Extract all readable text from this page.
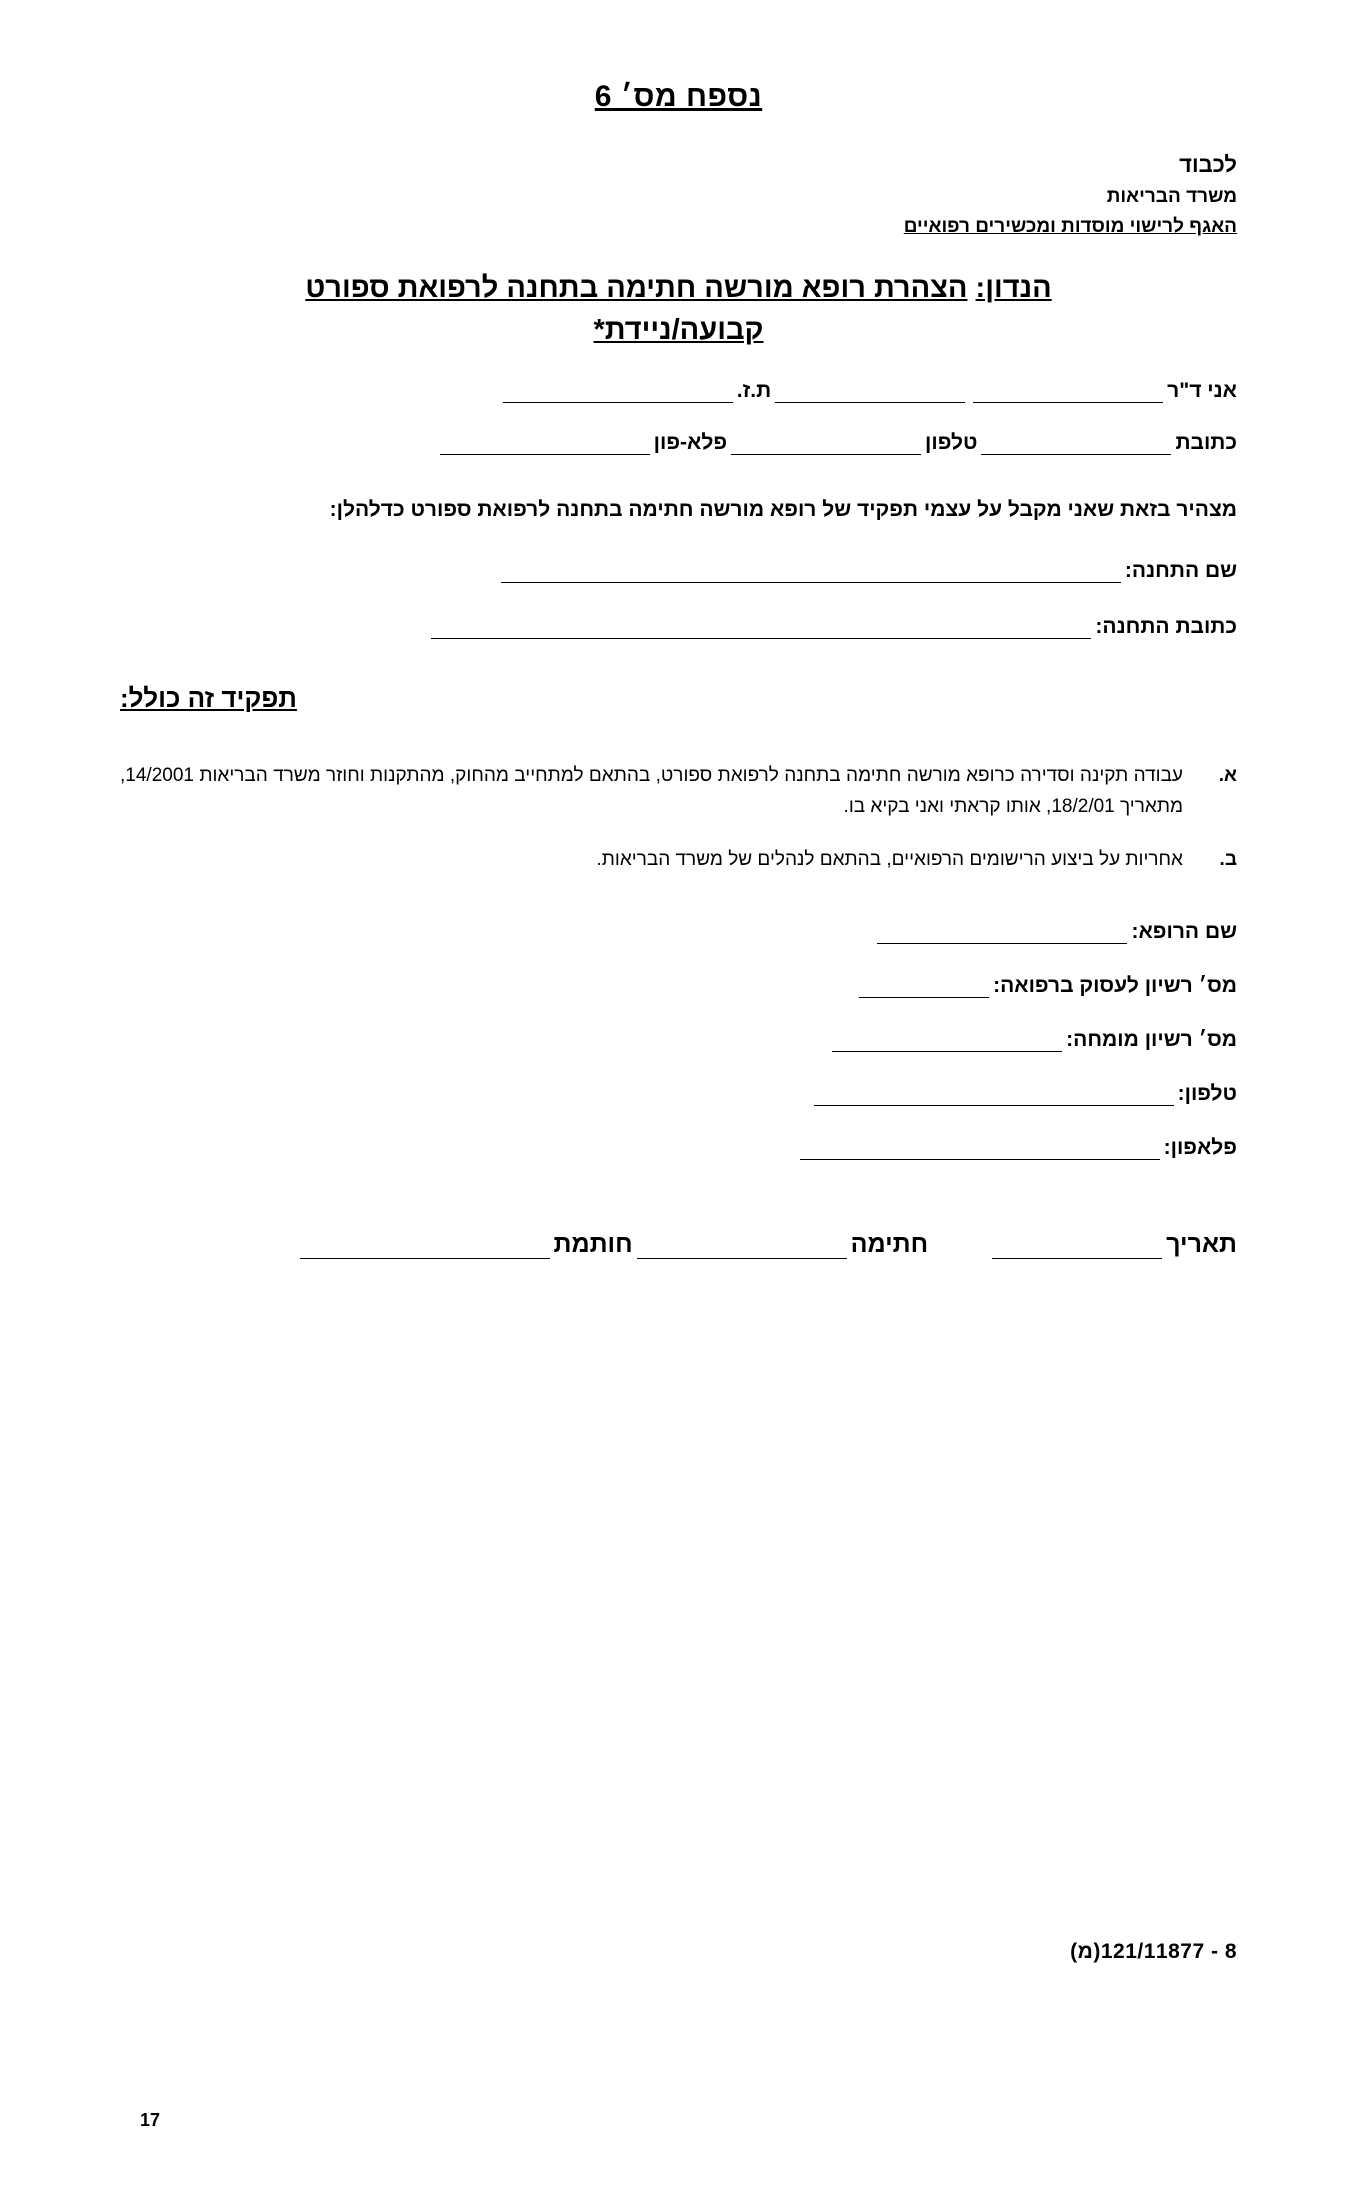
נספח מס׳ 6
לכבוד
משרד הבריאות
האגף לרישוי מוסדות ומכשירים רפואיים
הנדון: הצהרת רופא מורשה חתימה בתחנה לרפואת ספורט
קבועה/ניידת*
אני ד"ר
ת.ז.
כתובת
טלפון
פלא-פון
מצהיר בזאת שאני מקבל על עצמי תפקיד של רופא מורשה חתימה בתחנה לרפואת ספורט כדלהלן:
שם התחנה:
כתובת התחנה:
תפקיד זה כולל:
א.
עבודה תקינה וסדירה כרופא מורשה חתימה בתחנה לרפואת ספורט, בהתאם למתחייב מהחוק, מהתקנות וחוזר משרד הבריאות 14/2001, מתאריך 18/2/01, אותו קראתי ואני בקיא בו.
ב.
אחריות על ביצוע הרישומים הרפואיים, בהתאם לנהלים של משרד הבריאות.
שם הרופא:
מס׳ רשיון לעסוק ברפואה:
מס׳ רשיון מומחה:
טלפון:
פלאפון:
תאריך
חתימה
חותמת
8 - 121/11877(מ)
17
